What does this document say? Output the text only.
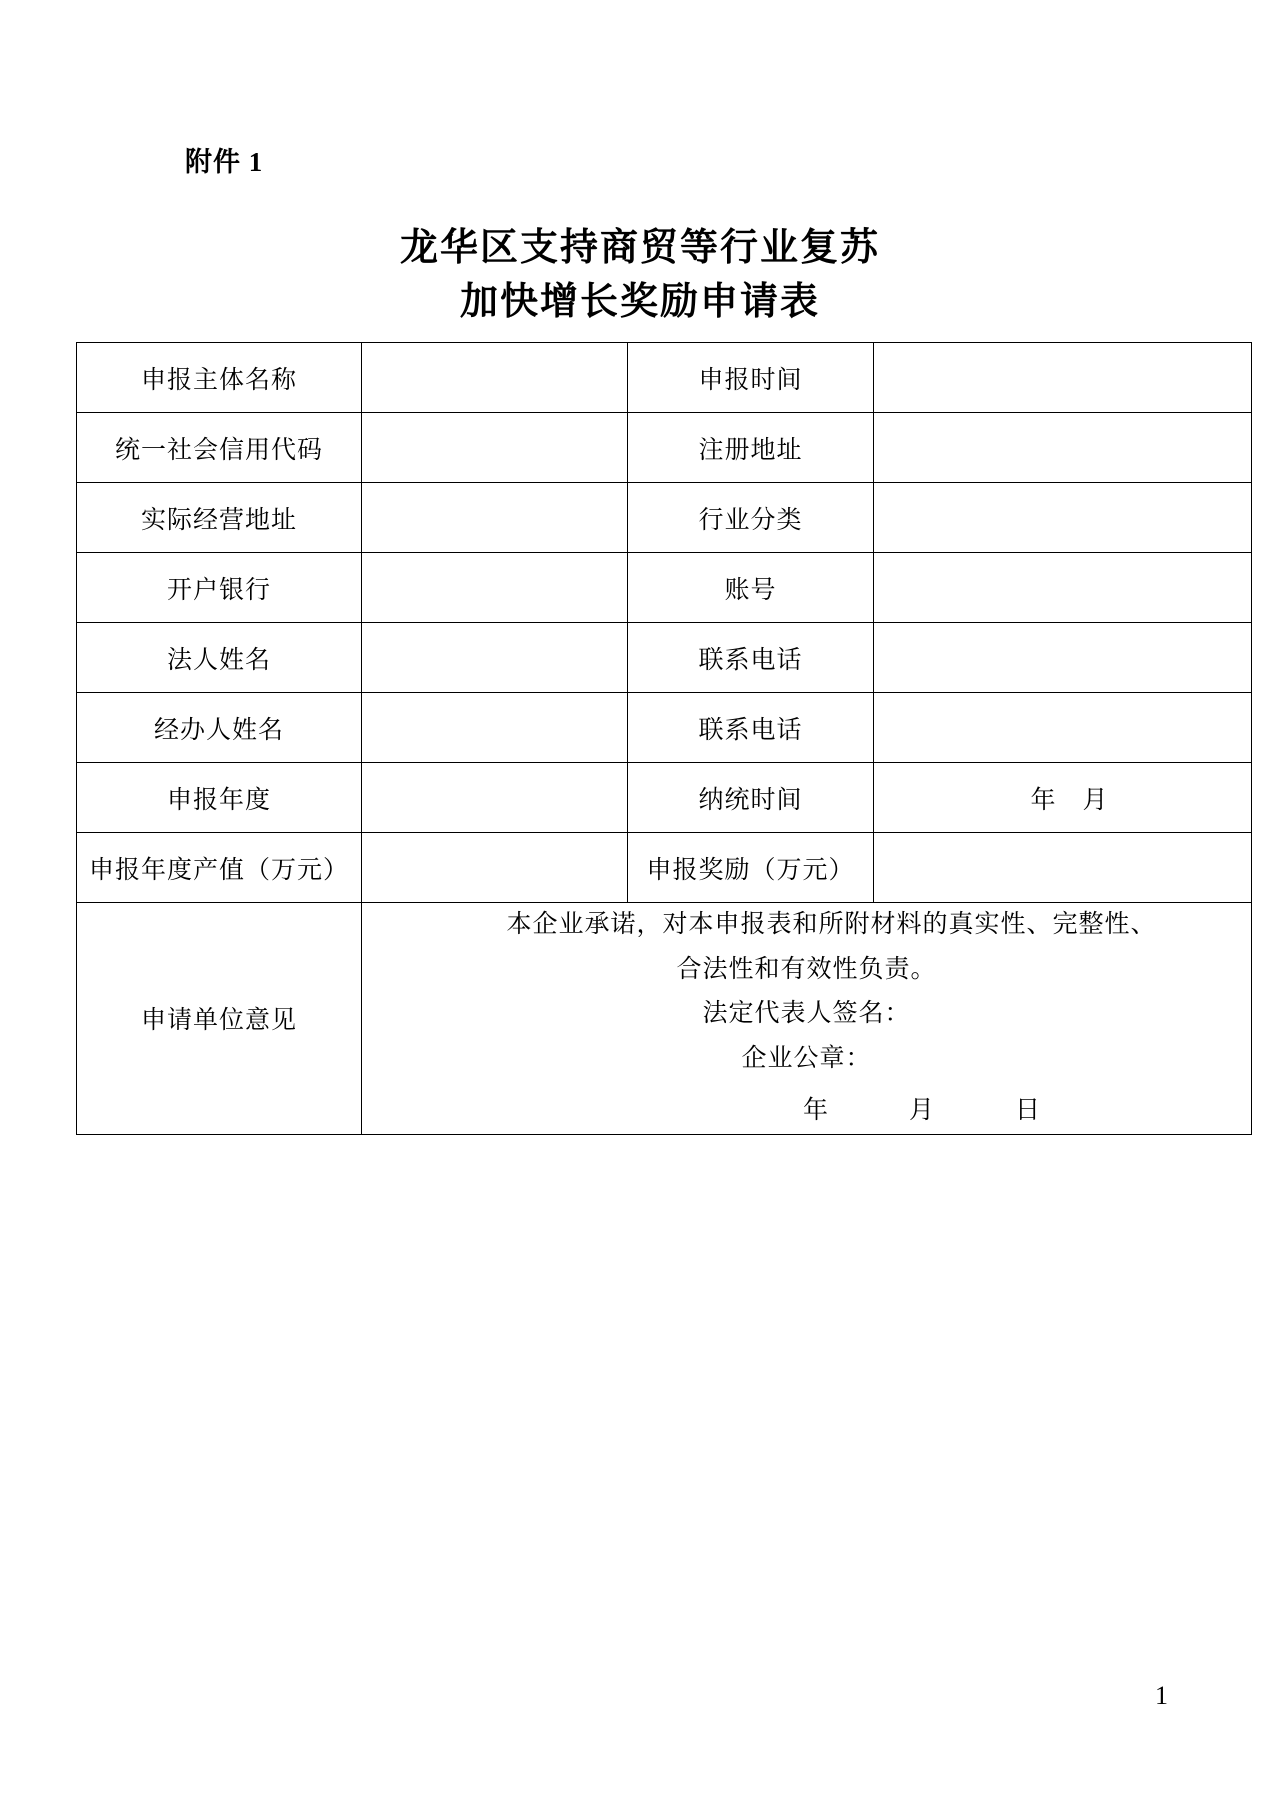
附件 1
龙华区支持商贸等行业复苏
加快增长奖励申请表
申报主体名称		申报时间	
统一社会信用代码		注册地址	
实际经营地址		行业分类	
开户银行		账号	
法人姓名		联系电话	
经办人姓名		联系电话	
申报年度		纳统时间	年　月
申报年度产值（万元）		申报奖励（万元）	
申请单位意见	本企业承诺，对本申报表和所附材料的真实性、完整性、

合法性和有效性负责。

法定代表人签名：

企业公章：

年　月　日		

1
